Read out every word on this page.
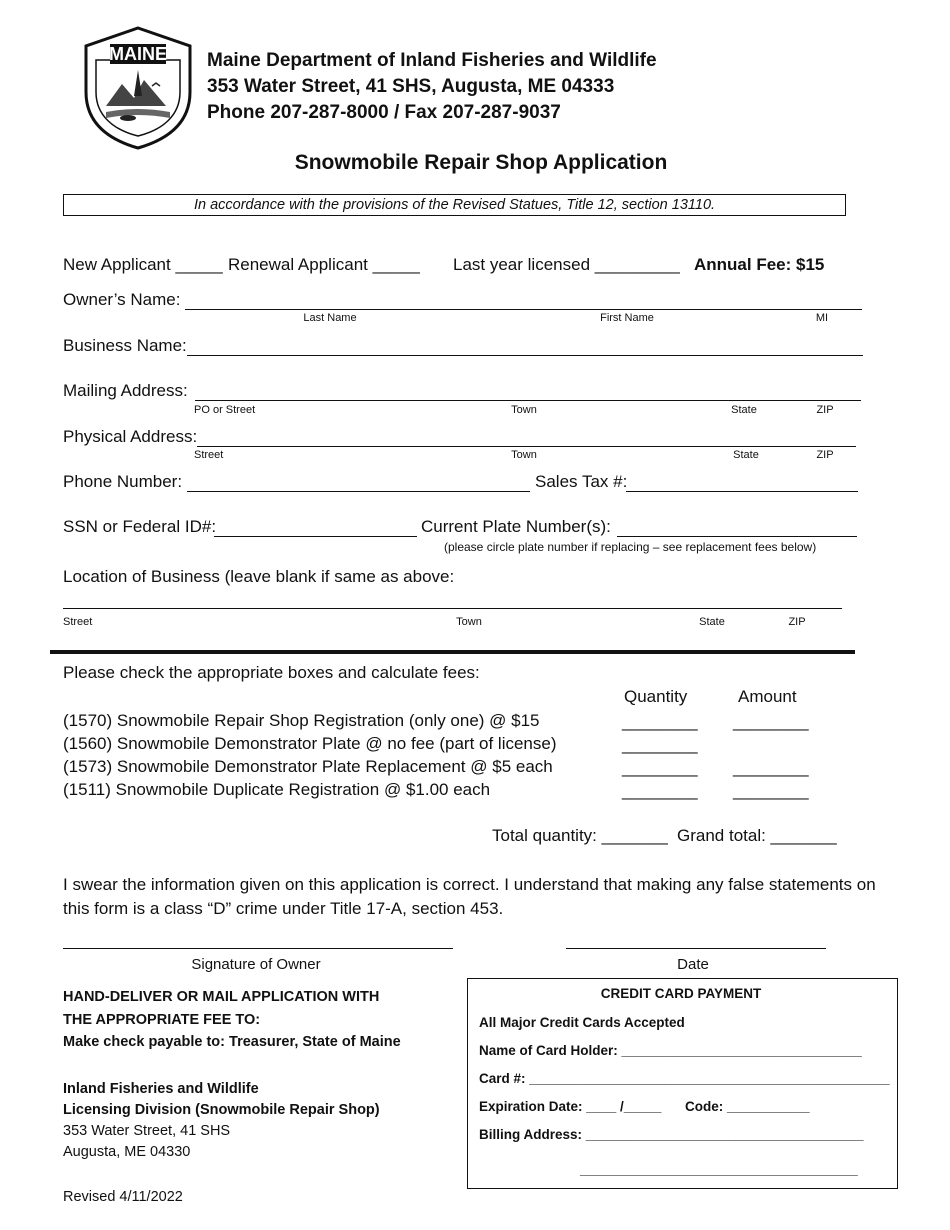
MAINE Maine Department of Inland Fisheries and Wildlife
353 Water Street, 41 SHS, Augusta, ME 04333
Phone 207-287-8000 / Fax 207-287-9037
Snowmobile Repair Shop Application
In accordance with the provisions of the Revised Statues, Title 12, section 13110.
New Applicant _____ Renewal Applicant _____ Last year licensed _________ Annual Fee: $15
Owner’s Name:
Last Name	First Name	MI
Business Name:
Mailing Address:
PO or Street	Town	State	ZIP
Physical Address:
Street	Town	State	ZIP
Phone Number:	Sales Tax #:
SSN or Federal ID#:	Current Plate Number(s):
(please circle plate number if replacing – see replacement fees below)
Location of Business (leave blank if same as above:
Street	Town	State	ZIP
Please check the appropriate boxes and calculate fees:
Quantity	Amount
(1570) Snowmobile Repair Shop Registration (only one) @ $15	________ ________
(1560) Snowmobile Demonstrator Plate @ no fee (part of license)	________
(1573) Snowmobile Demonstrator Plate Replacement @ $5 each	________ ________
(1511) Snowmobile Duplicate Registration @ $1.00 each	________ ________
Total quantity: _______ Grand total: _______
I swear the information given on this application is correct. I understand that making any false statements on
this form is a class “D” crime under Title 17-A, section 453.
Signature of Owner	Date
HAND-DELIVER OR MAIL APPLICATION WITH
THE APPROPRIATE FEE TO:
Make check payable to: Treasurer, State of Maine
Inland Fisheries and Wildlife
Licensing Division (Snowmobile Repair Shop)
353 Water Street, 41 SHS
Augusta, ME 04330
CREDIT CARD PAYMENT
All Major Credit Cards Accepted
Name of Card Holder: ________________________________
Card #: ________________________________________________
Expiration Date: ____ /_____ Code: ___________
Billing Address: _____________________________________
_____________________________________
Revised 4/11/2022
